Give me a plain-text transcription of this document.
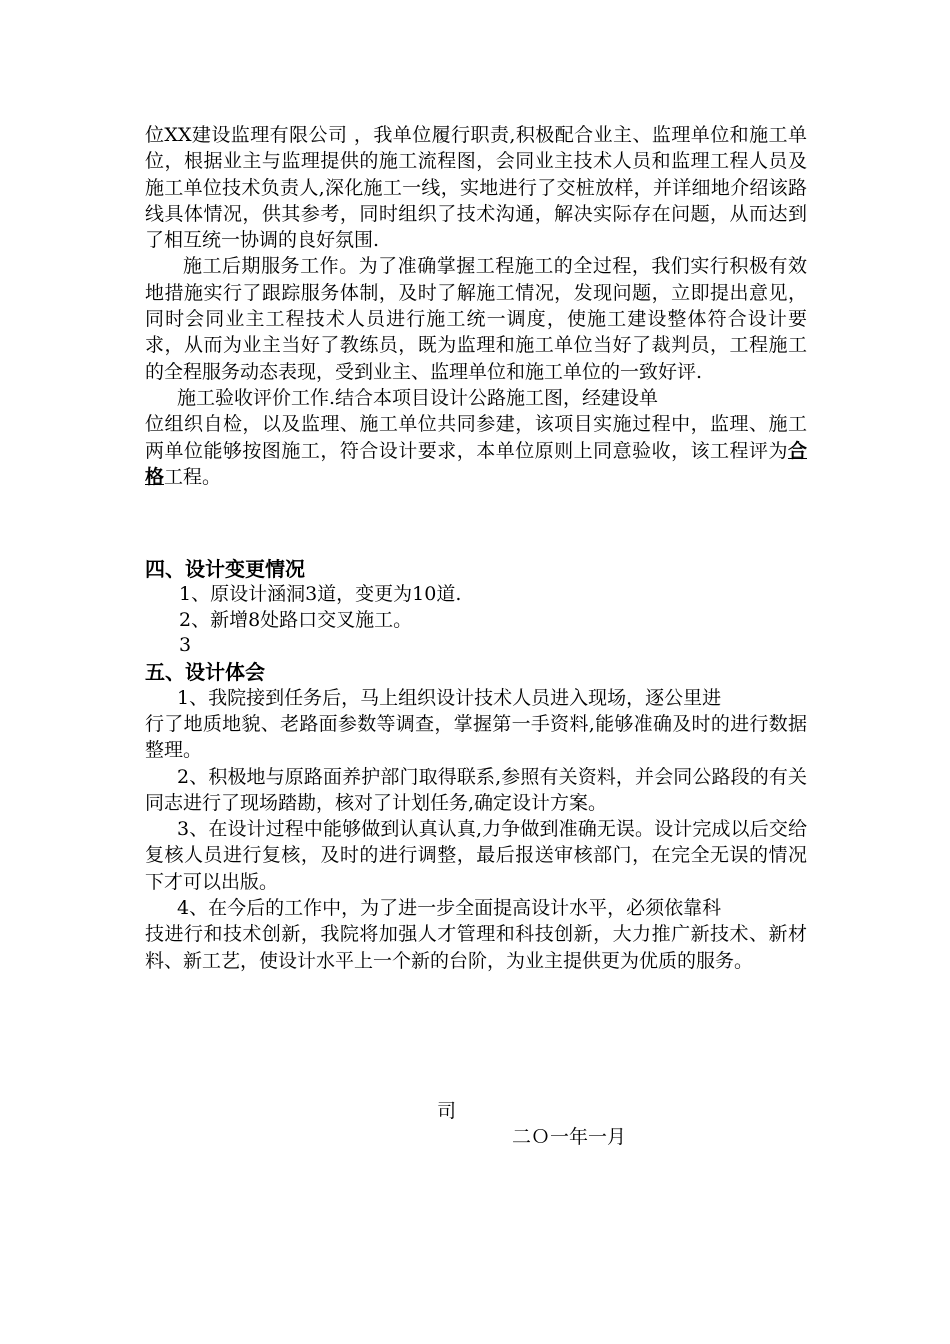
位XX建设监理有限公司 ，我单位履行职责,积极配合业主、监理单位和施工单位，根据业主与监理提供的施工流程图，会同业主技术人员和监理工程人员及施工单位技术负责人,深化施工一线，实地进行了交桩放样，并详细地介绍该路线具体情况，供其参考，同时组织了技术沟通，解决实际存在问题，从而达到了相互统一协调的良好氛围.

施工后期服务工作。为了准确掌握工程施工的全过程，我们实行积极有效地措施实行了跟踪服务体制，及时了解施工情况，发现问题，立即提出意见，同时会同业主工程技术人员进行施工统一调度，使施工建设整体符合设计要求，从而为业主当好了教练员，既为监理和施工单位当好了裁判员，工程施工的全程服务动态表现，受到业主、监理单位和施工单位的一致好评.

施工验收评价工作.结合本项目设计公路施工图，经建设单

位组织自检，以及监理、施工单位共同参建，该项目实施过程中，监理、施工两单位能够按图施工，符合设计要求，本单位原则上同意验收，该工程评为合格工程。

四、设计变更情况

1、原设计涵洞3道，变更为10道.

2、新增8处路口交叉施工。

3

五、设计体会

1、我院接到任务后，马上组织设计技术人员进入现场，逐公里进

行了地质地貌、老路面参数等调查，掌握第一手资料,能够准确及时的进行数据整理。

2、积极地与原路面养护部门取得联系,参照有关资料，并会同公路段的有关同志进行了现场踏勘，核对了计划任务,确定设计方案。

3、在设计过程中能够做到认真认真,力争做到准确无误。设计完成以后交给复核人员进行复核，及时的进行调整，最后报送审核部门，在完全无误的情况下才可以出版。

4、在今后的工作中，为了进一步全面提高设计水平，必须依靠科

技进行和技术创新，我院将加强人才管理和科技创新，大力推广新技术、新材料、新工艺，使设计水平上一个新的台阶，为业主提供更为优质的服务。

司
二Ｏ一年一月
